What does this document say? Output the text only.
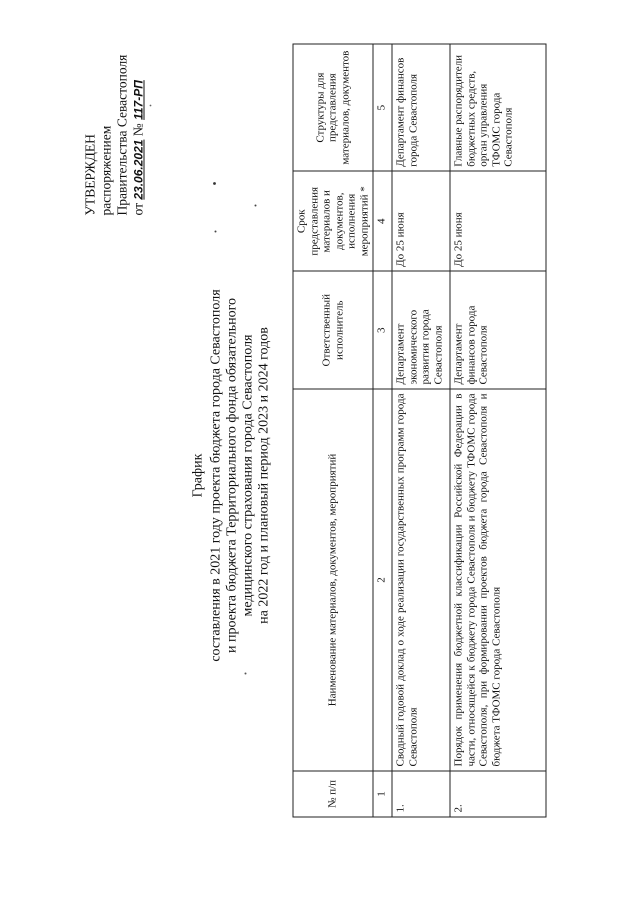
УТВЕРЖДЕН распоряжением Правительства Севастополя от 23.06.2021 № 117-РП
График составления в 2021 году проекта бюджета города Севастополя и проекта бюджета Территориального фонда обязательного медицинского страхования города Севастополя на 2022 год и плановый период 2023 и 2024 годов
№ п/п	Наименование материалов, документов, мероприятий	Ответственный исполнитель	Срок представления материалов и документов, исполнения мероприятий *	Структуры для представления материалов, документов
1	2	3	4	5
1.	Сводный годовой доклад о ходе реализации государственных программ города Севастополя	Департамент экономического развития города Севастополя	До 25 июня	Департамент финансов города Севастополя
2.	Порядок применения бюджетной классификации Российской Федерации в части, относящейся к бюджету города Севастополя и бюджету ТФОМС города Севастополя, при формировании проектов бюджета города Севастополя и бюджета ТФОМС города Севастополя	Департамент финансов города Севастополя	До 25 июня	Главные распорядители бюджетных средств, орган управления ТФОМС города Севастополя
